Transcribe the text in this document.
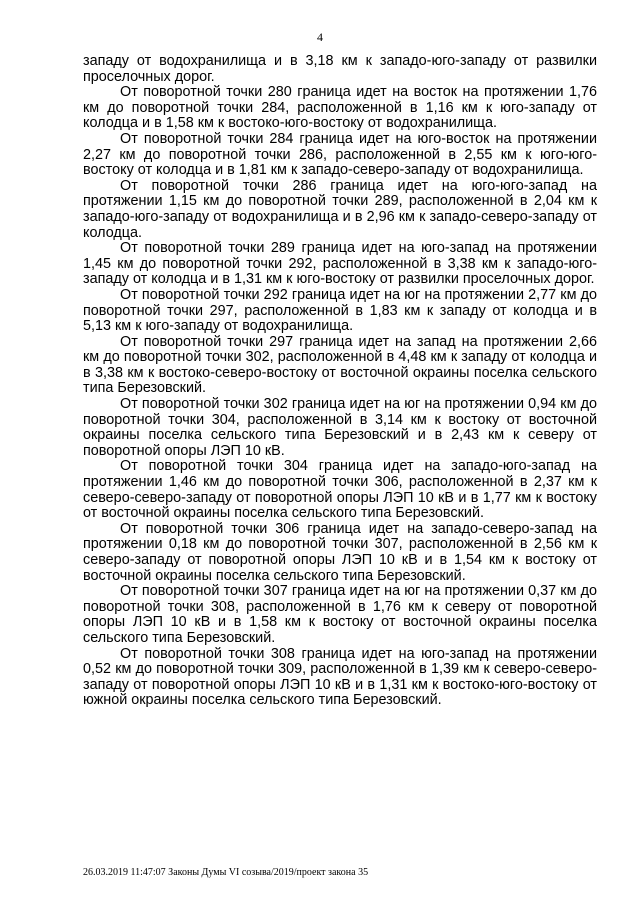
4

западу от водохранилища и в 3,18 км к западо-юго-западу от развилки проселочных дорог.

От поворотной точки 280 граница идет на восток на протяжении 1,76 км до поворотной точки 284, расположенной в 1,16 км к юго-западу от колодца и в 1,58 км к востоко-юго-востоку от водохранилища.

От поворотной точки 284 граница идет на юго-восток на протяжении 2,27 км до поворотной точки 286, расположенной в 2,55 км к юго-юго-востоку от колодца и в 1,81 км к западо-северо-западу от водохранилища.

От поворотной точки 286 граница идет на юго-юго-запад на протяжении 1,15 км до поворотной точки 289, расположенной в 2,04 км к западо-юго-западу от водохранилища и в 2,96 км к западо-северо-западу от колодца.

От поворотной точки 289 граница идет на юго-запад на протяжении 1,45 км до поворотной точки 292, расположенной в 3,38 км к западо-юго-западу от колодца и в 1,31 км к юго-востоку от развилки проселочных дорог.

От поворотной точки 292 граница идет на юг на протяжении 2,77 км до поворотной точки 297, расположенной в 1,83 км к западу от колодца и в 5,13 км к юго-западу от водохранилища.

От поворотной точки 297 граница идет на запад на протяжении 2,66 км до поворотной точки 302, расположенной в 4,48 км к западу от колодца и в 3,38 км к востоко-северо-востоку от восточной окраины поселка сельского типа Березовский.

От поворотной точки 302 граница идет на юг на протяжении 0,94 км до поворотной точки 304, расположенной в 3,14 км к востоку от восточной окраины поселка сельского типа Березовский и в 2,43 км к северу от поворотной опоры ЛЭП 10 кВ.

От поворотной точки 304 граница идет на западо-юго-запад на протяжении 1,46 км до поворотной точки 306, расположенной в 2,37 км к северо-северо-западу от поворотной опоры ЛЭП 10 кВ и в 1,77 км к востоку от восточной окраины поселка сельского типа Березовский.

От поворотной точки 306 граница идет на западо-северо-запад на протяжении 0,18 км до поворотной точки 307, расположенной в 2,56 км к северо-западу от поворотной опоры ЛЭП 10 кВ и в 1,54 км к востоку от восточной окраины поселка сельского типа Березовский.

От поворотной точки 307 граница идет на юг на протяжении 0,37 км до поворотной точки 308, расположенной в 1,76 км к северу от поворотной опоры ЛЭП 10 кВ и в 1,58 км к востоку от восточной окраины поселка сельского типа Березовский.

От поворотной точки 308 граница идет на юго-запад на протяжении 0,52 км до поворотной точки 309, расположенной в 1,39 км к северо-северо-западу от поворотной опоры ЛЭП 10 кВ и в 1,31 км к востоко-юго-востоку от южной окраины поселка сельского типа Березовский.

26.03.2019 11:47:07 Законы Думы VI созыва/2019/проект закона 35
